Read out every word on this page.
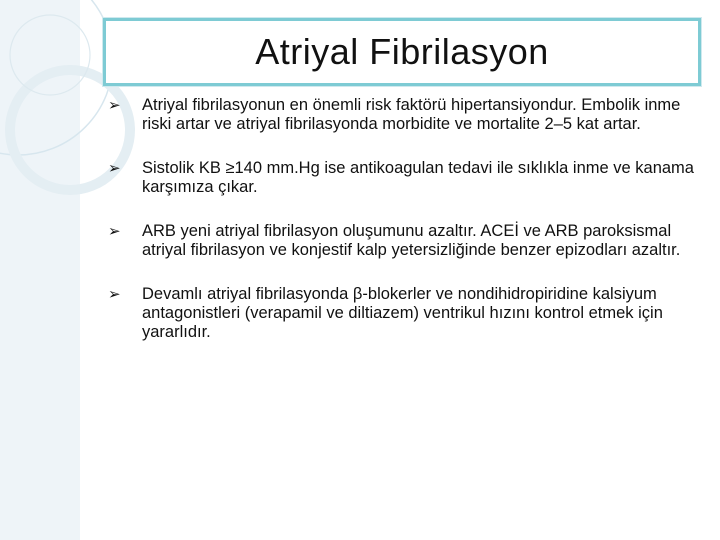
Atriyal Fibrilasyon
➢ Atriyal fibrilasyonun en önemli risk faktörü hipertansiyondur. Embolik inme riski artar ve atriyal fibrilasyonda morbidite ve mortalite 2–5 kat artar.
➢ Sistolik KB ≥140 mm.Hg ise antikoagulan tedavi ile sıklıkla inme ve kanama karşımıza çıkar.
➢ ARB yeni atriyal fibrilasyon oluşumunu azaltır. ACEİ ve ARB paroksismal atriyal fibrilasyon ve konjestif kalp yetersizliğinde benzer epizodları azaltır.
➢ Devamlı atriyal fibrilasyonda β-blokerler ve nondihidropiridine kalsiyum antagonistleri (verapamil ve diltiazem) ventrikul hızını kontrol etmek için yararlıdır.
